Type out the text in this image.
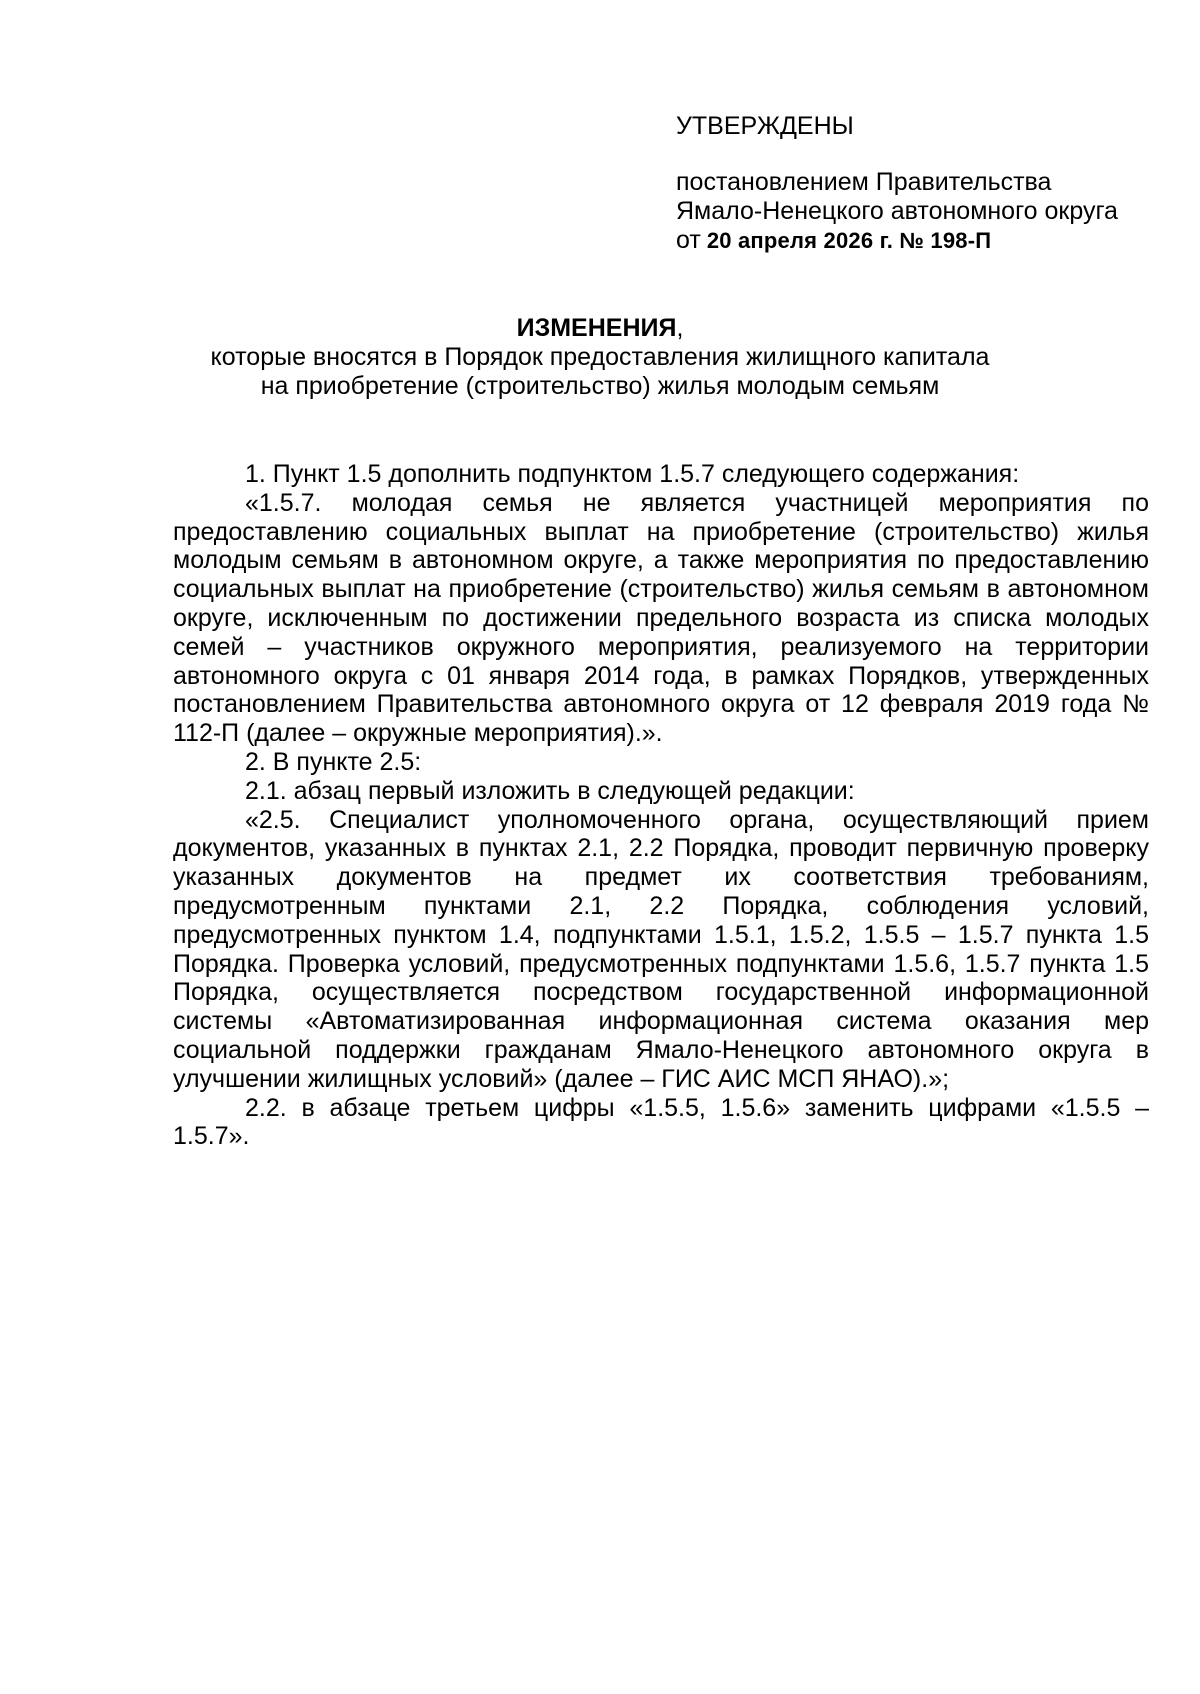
УТВЕРЖДЕНЫ
постановлением Правительства
Ямало-Ненецкого автономного округа
от 20 апреля 2026 г. № 198-П
ИЗМЕНЕНИЯ,
которые вносятся в Порядок предоставления жилищного капитала
на приобретение (строительство) жилья молодым семьям

1. Пункт 1.5 дополнить подпунктом 1.5.7 следующего содержания:

«1.5.7. молодая семья не является участницей мероприятия по предоставлению социальных выплат на приобретение (строительство) жилья молодым семьям в автономном округе, а также мероприятия по предоставлению социальных выплат на приобретение (строительство) жилья семьям в автономном округе, исключенным по достижении предельного возраста из списка молодых семей – участников окружного мероприятия, реализуемого на территории автономного округа с 01 января 2014 года, в рамках Порядков, утвержденных постановлением Правительства автономного округа от 12 февраля 2019 года № 112-П (далее – окружные мероприятия).».

2. В пункте 2.5:

2.1. абзац первый изложить в следующей редакции:

«2.5. Специалист уполномоченного органа, осуществляющий прием документов, указанных в пунктах 2.1, 2.2 Порядка, проводит первичную проверку указанных документов на предмет их соответствия требованиям, предусмотренным пунктами 2.1, 2.2 Порядка, соблюдения условий, предусмотренных пунктом 1.4, подпунктами 1.5.1, 1.5.2, 1.5.5 – 1.5.7 пункта 1.5 Порядка. Проверка условий, предусмотренных подпунктами 1.5.6, 1.5.7 пункта 1.5 Порядка, осуществляется посредством государственной информационной системы «Автоматизированная информационная система оказания мер социальной поддержки гражданам Ямало-Ненецкого автономного округа в улучшении жилищных условий» (далее – ГИС АИС МСП ЯНАО).»;

2.2. в абзаце третьем цифры «1.5.5, 1.5.6» заменить цифрами «1.5.5 – 1.5.7».
